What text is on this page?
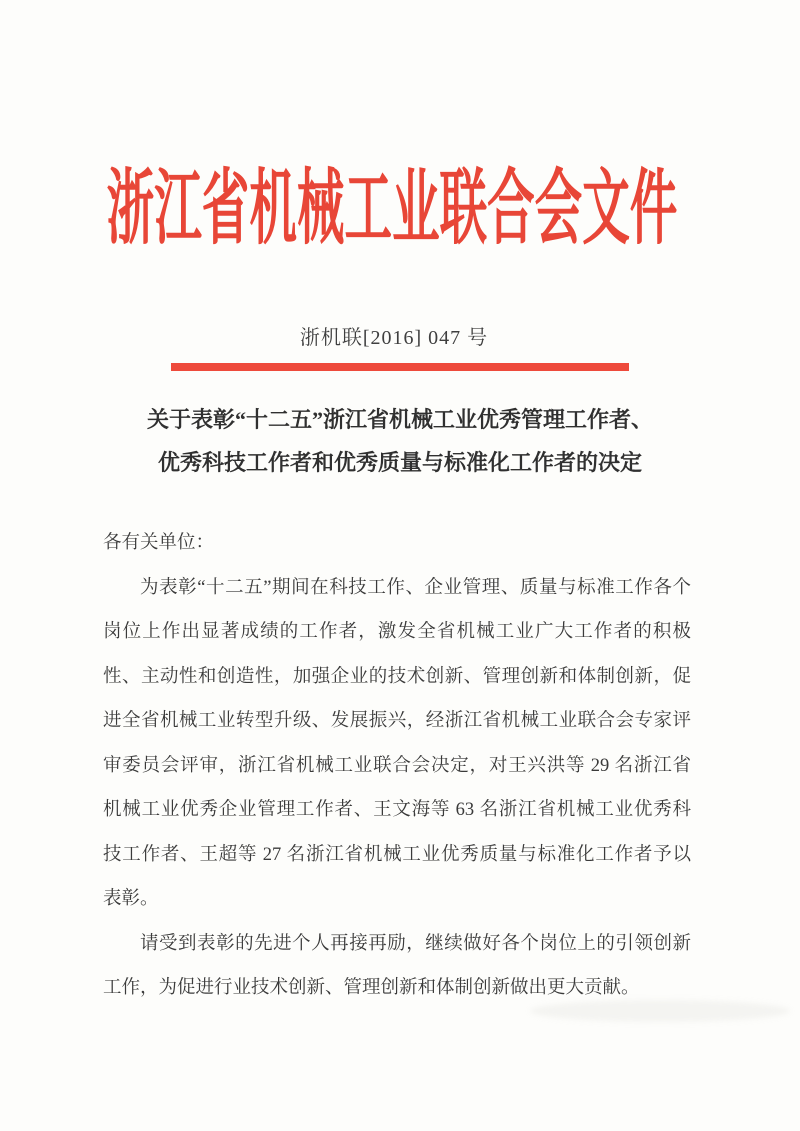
浙江省机械工业联合会文件
浙机联[2016] 047 号
关于表彰“十二五”浙江省机械工业优秀管理工作者、
优秀科技工作者和优秀质量与标准化工作者的决定
各有关单位：
为表彰“十二五”期间在科技工作、企业管理、质量与标准工作各个
岗位上作出显著成绩的工作者，激发全省机械工业广大工作者的积极
性、主动性和创造性，加强企业的技术创新、管理创新和体制创新，促
进全省机械工业转型升级、发展振兴，经浙江省机械工业联合会专家评
审委员会评审，浙江省机械工业联合会决定，对王兴洪等 29 名浙江省
机械工业优秀企业管理工作者、王文海等 63 名浙江省机械工业优秀科
技工作者、王超等 27 名浙江省机械工业优秀质量与标准化工作者予以
表彰。
请受到表彰的先进个人再接再励，继续做好各个岗位上的引领创新
工作，为促进行业技术创新、管理创新和体制创新做出更大贡献。
